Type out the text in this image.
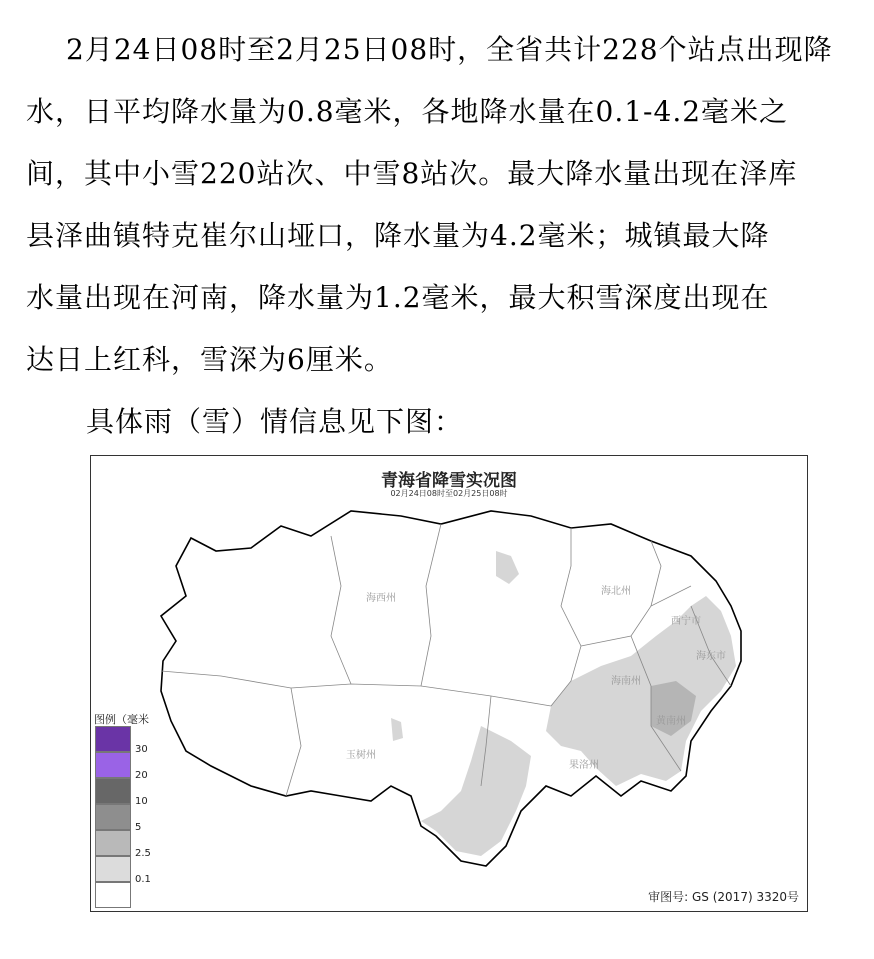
2月24日08时至2月25日08时，全省共计228个站点出现降
水，日平均降水量为0.8毫米，各地降水量在0.1-4.2毫米之
间，其中小雪220站次、中雪8站次。最大降水量出现在泽库
县泽曲镇特克崔尔山垭口，降水量为4.2毫米；城镇最大降
水量出现在河南，降水量为1.2毫米，最大积雪深度出现在
达日上红科，雪深为6厘米。
具体雨（雪）情信息见下图：
海西州
海北州
海东市
西宁市
黄南州
海南州
果洛州
玉树州
青海省降雪实况图
02月24日08时至02月25日08时
图例（毫米
30
20
10
5
2.5
0.1
审图号: GS (2017) 3320号
